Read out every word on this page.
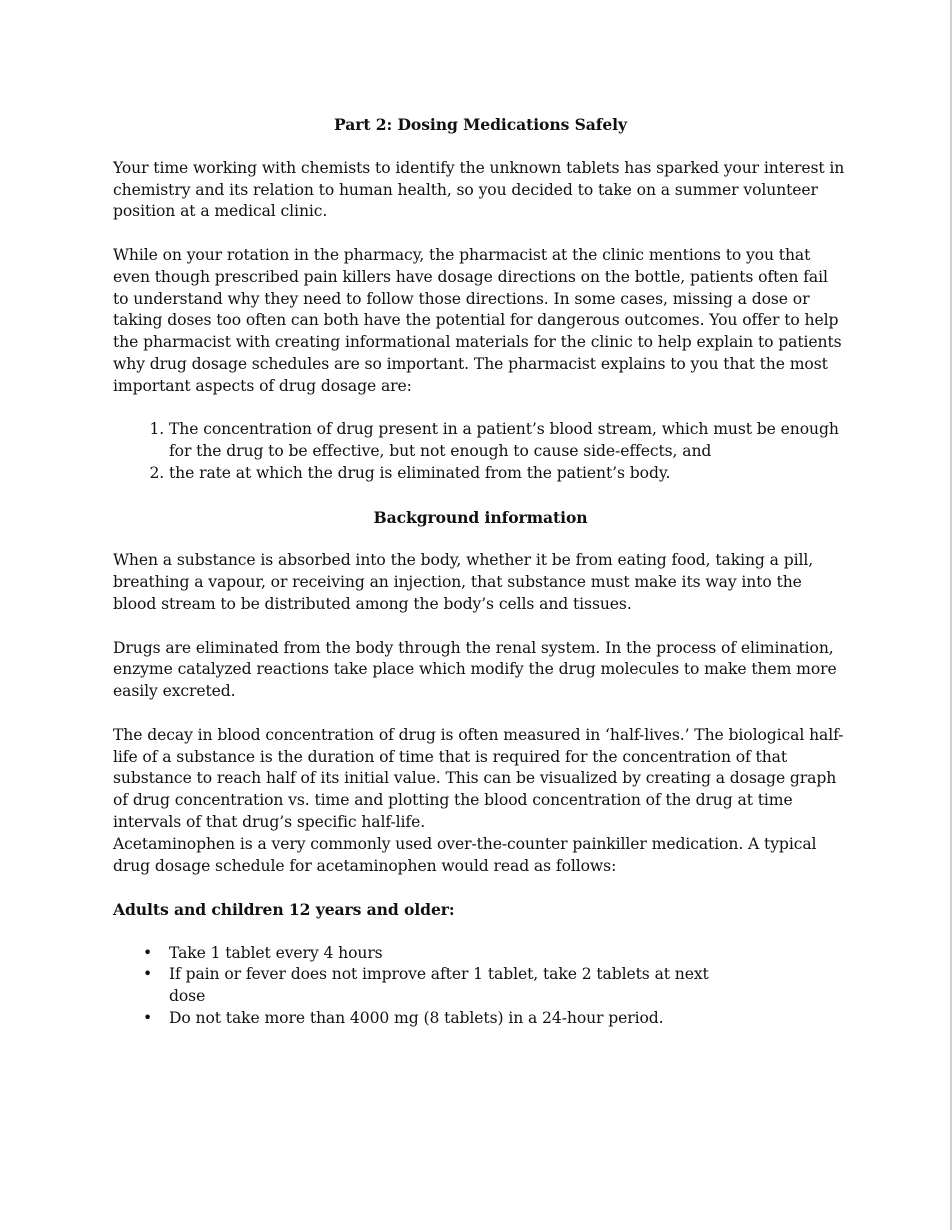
Part 2: Dosing Medications Safely

Your time working with chemists to identify the unknown tablets has sparked your interest in chemistry and its relation to human health, so you decided to take on a summer volunteer position at a medical clinic.

While on your rotation in the pharmacy, the pharmacist at the clinic mentions to you that even though prescribed pain killers have dosage directions on the bottle, patients often fail to understand why they need to follow those directions. In some cases, missing a dose or taking doses too often can both have the potential for dangerous outcomes. You offer to help the pharmacist with creating informational materials for the clinic to help explain to patients why drug dosage schedules are so important. The pharmacist explains to you that the most important aspects of drug dosage are:

1. The concentration of drug present in a patient’s blood stream, which must be enough for the drug to be effective, but not enough to cause side-effects, and
2. the rate at which the drug is eliminated from the patient’s body.
Background information

When a substance is absorbed into the body, whether it be from eating food, taking a pill, breathing a vapour, or receiving an injection, that substance must make its way into the blood stream to be distributed among the body’s cells and tissues.

Drugs are eliminated from the body through the renal system. In the process of elimination, enzyme catalyzed reactions take place which modify the drug molecules to make them more easily excreted.

The decay in blood concentration of drug is often measured in ‘half-lives.’ The biological half-life of a substance is the duration of time that is required for the concentration of that substance to reach half of its initial value. This can be visualized by creating a dosage graph of drug concentration vs. time and plotting the blood concentration of the drug at time intervals of that drug’s specific half-life.

Acetaminophen is a very commonly used over-the-counter painkiller medication. A typical drug dosage schedule for acetaminophen would read as follows:

Adults and children 12 years and older:
• Take 1 tablet every 4 hours
• If pain or fever does not improve after 1 tablet, take 2 tablets at next dose
• Do not take more than 4000 mg (8 tablets) in a 24-hour period.
